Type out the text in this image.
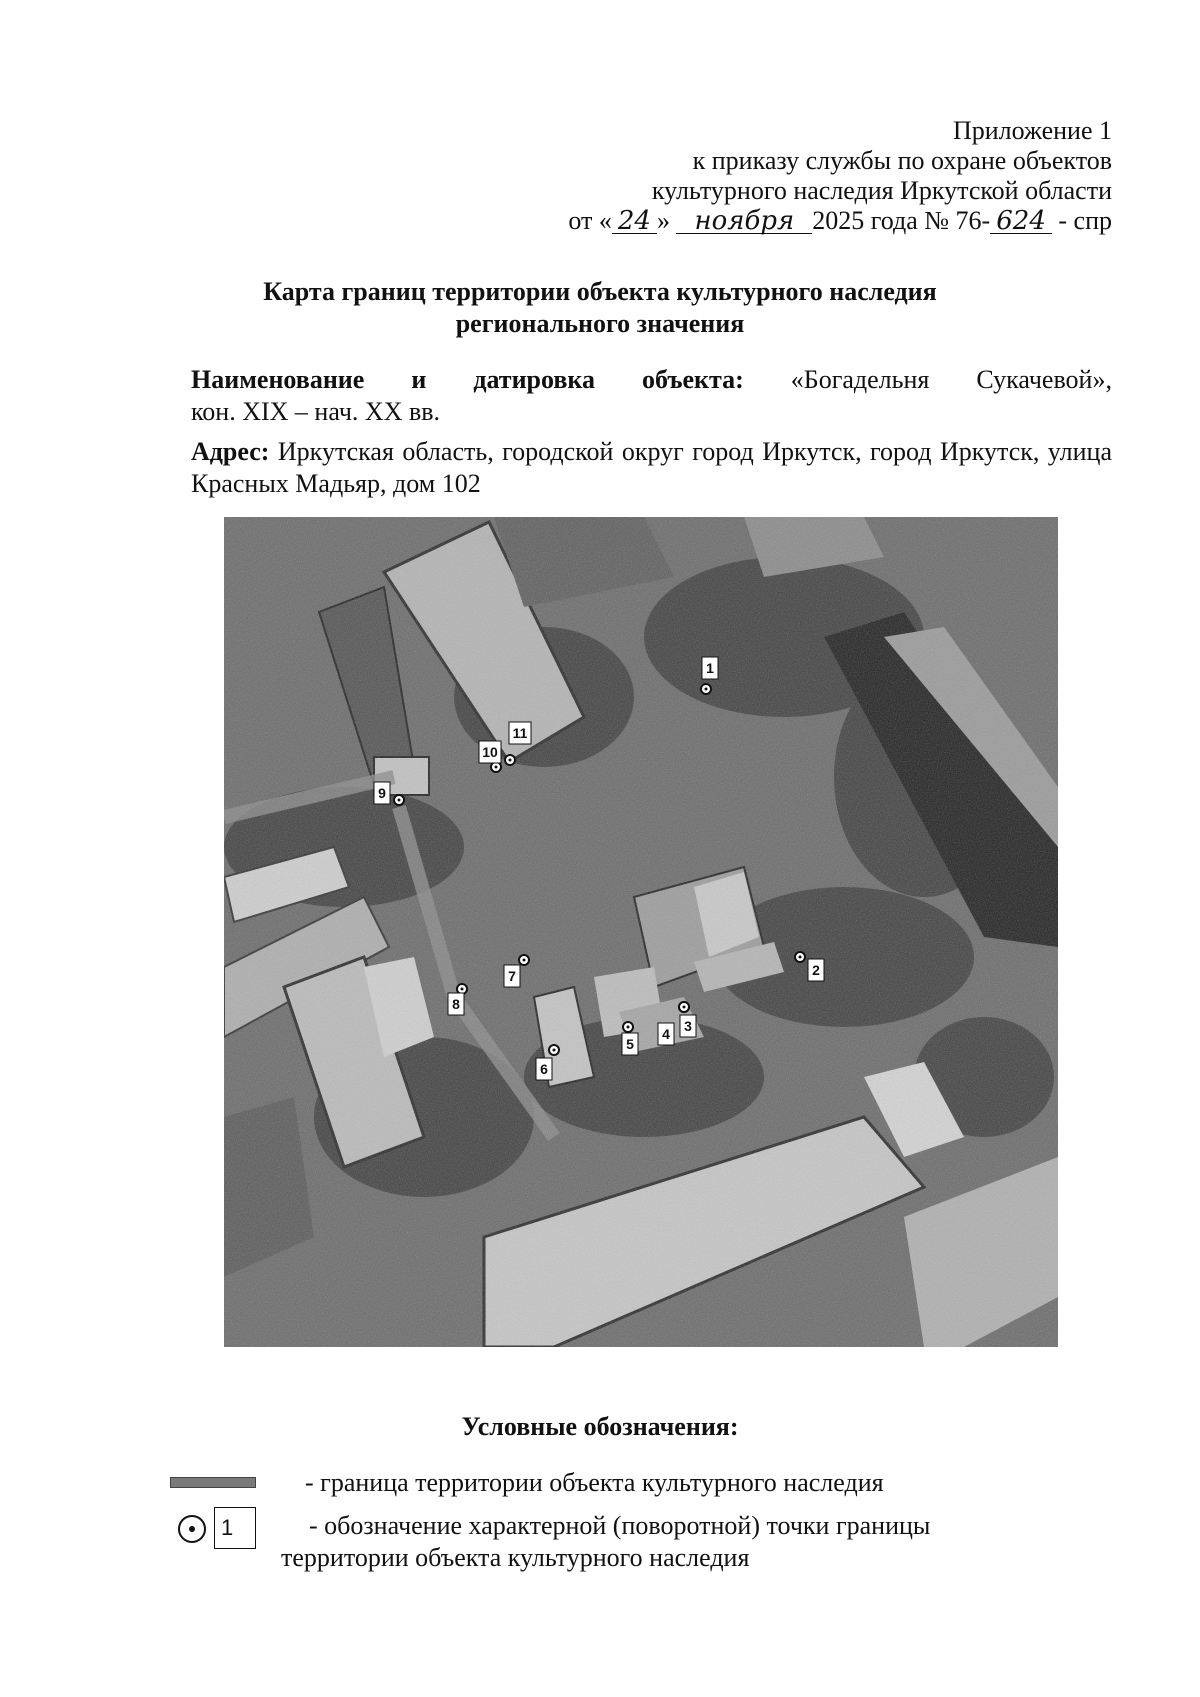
Приложение 1
к приказу службы по охране объектов
культурного наследия Иркутской области
от « 24 » ноября 2025 года № 76- 624 - спр
Карта границ территории объекта культурного наследия
регионального значения
Наименование и датировка объекта: «Богадельня Сукачевой»,

кон. XIX – нач. XX вв.

Адрес: Иркутская область, городской округ город Иркутск, город Иркутск, улица Красных Мадьяр, дом 102

1
2
3
4
5
6
7
8
9
10
11
Условные обозначения:
- граница территории объекта культурного наследия
1	- обозначение характерной (поворотной) точки границы
территории объекта культурного наследия
